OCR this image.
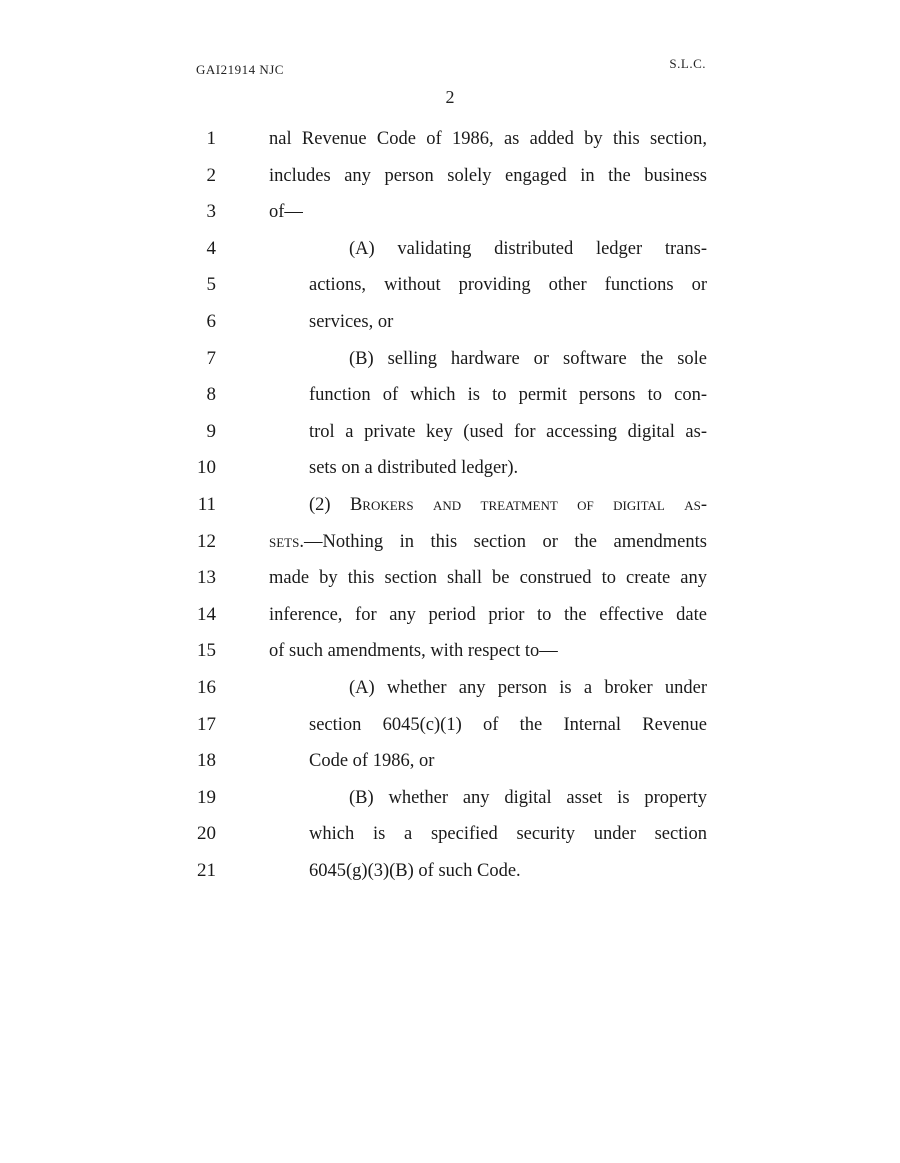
GAI21914 NJC	S.L.C.
2
1	nal Revenue Code of 1986, as added by this section,
2	includes any person solely engaged in the business
3	of—
4	(A) validating distributed ledger trans-
5	actions, without providing other functions or
6	services, or
7	(B) selling hardware or software the sole
8	function of which is to permit persons to con-
9	trol a private key (used for accessing digital as-
10	sets on a distributed ledger).
11	(2) Brokers and treatment of digital as-
12	sets.—Nothing in this section or the amendments
13	made by this section shall be construed to create any
14	inference, for any period prior to the effective date
15	of such amendments, with respect to—
16	(A) whether any person is a broker under
17	section 6045(c)(1) of the Internal Revenue
18	Code of 1986, or
19	(B) whether any digital asset is property
20	which is a specified security under section
21	6045(g)(3)(B) of such Code.
